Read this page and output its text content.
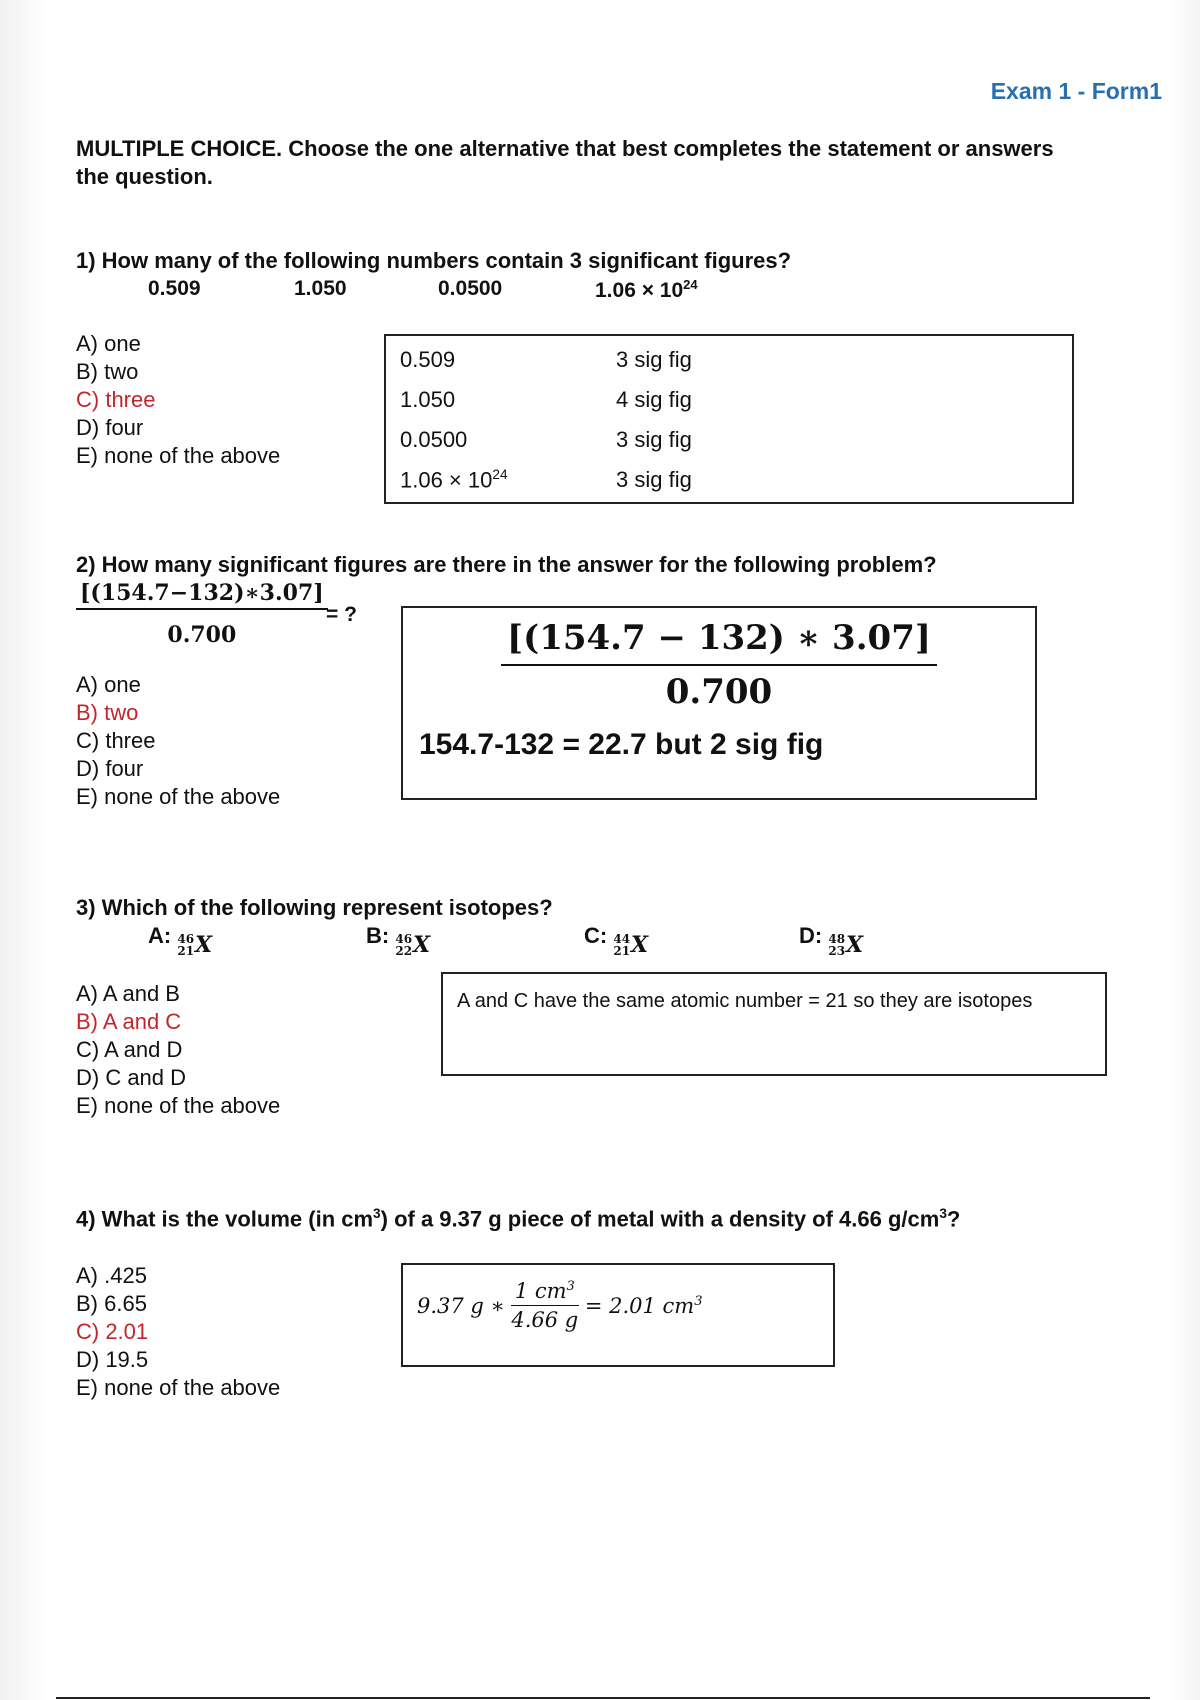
Exam 1 - Form1
MULTIPLE CHOICE. Choose the one alternative that best completes the statement or answers the question.
1) How many of the following numbers contain 3 significant figures?
0.509	1.050	0.0500	$1.06 \times 10^{24}$
A) one
B) two
C) three
D) four
E) none of the above
0.509	3 sig fig
1.050	4 sig fig
0.0500	3 sig fig
$1.06 \times 10^{24}$	3 sig fig
2) How many significant figures are there in the answer for the following problem?
$\frac{[(154.7-132)∗3.07]}{0.700}$
= ?
A) one
B) two
C) three
D) four
E) none of the above
$\frac{[(154.7 - 132) ∗ 3.07]}{0.700}$
154.7-132 = 22.7 but 2 sig fig
3) Which of the following represent isotopes?
A: 46
21 X	B: 46
22 X	C: 44
21 X	D: 48
23 X
A) A and B
B) A and C
C) A and D
D) C and D
E) none of the above
A and C have the same atomic number = 21 so they are isotopes
4) What is the volume (in $cm^3$) of a 9.37 g piece of metal with a density of 4.66 $g/cm^3$?
A) .425
B) 6.65
C) 2.01
D) 19.5
E) none of the above
9.37 g ∗ $\frac{1 cm^3}{4.66 g} = 2.01$ $cm^3$
